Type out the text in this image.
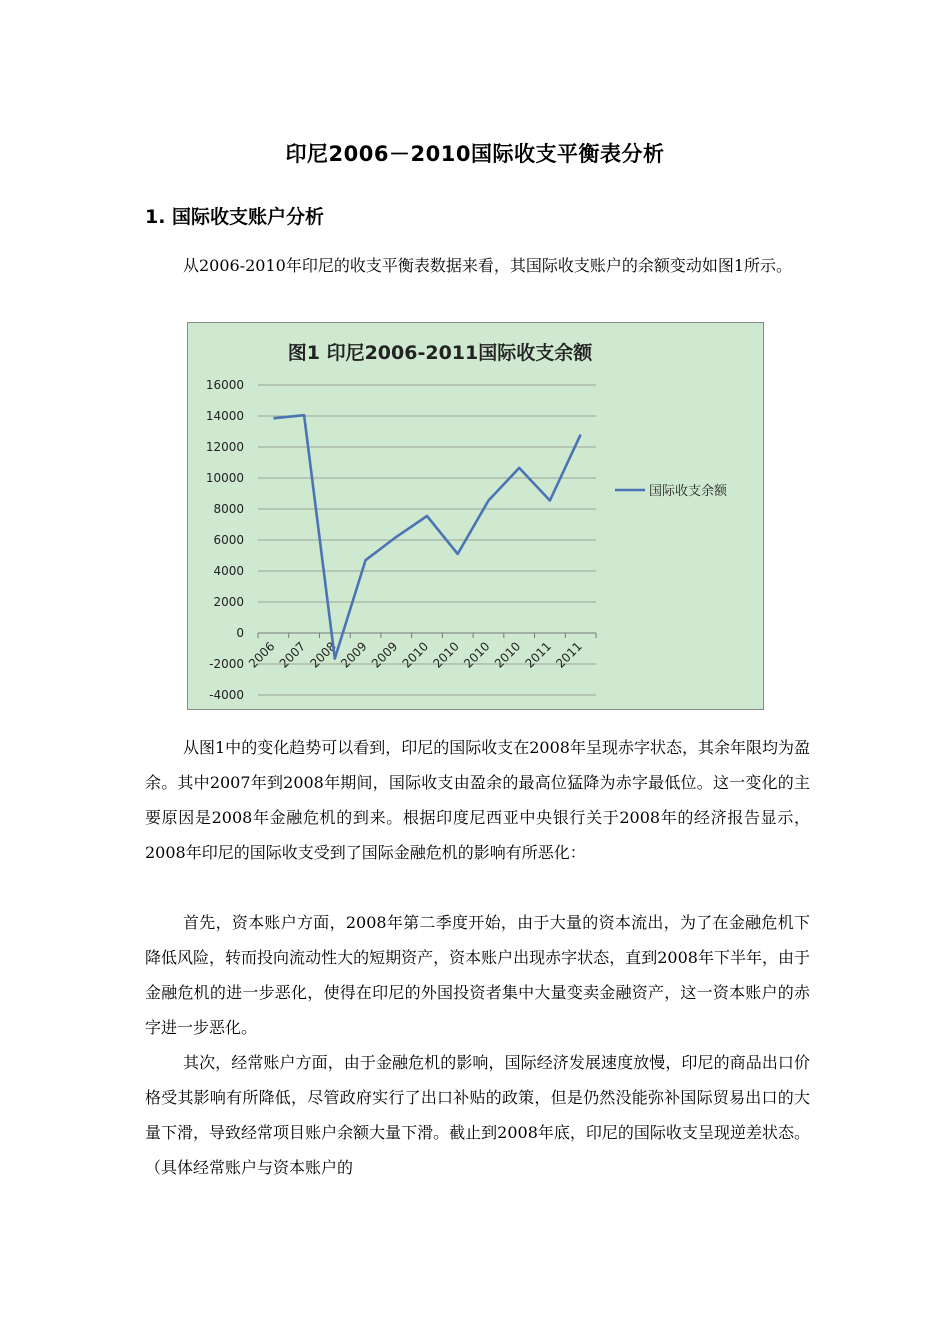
印尼2006－2010国际收支平衡表分析
1. 国际收支账户分析

从2006-2010年印尼的收支平衡表数据来看，其国际收支账户的余额变动如图1所示。

图1 印尼2006-2011国际收支余额
16000
14000
12000
10000
8000
6000
4000
2000
0
-2000
-4000
2006 2007 2008 2009 2009 2010 2010 2010 2010 2011 2011
国际收支余额

从图1中的变化趋势可以看到，印尼的国际收支在2008年呈现赤字状态，其余年限均为盈余。其中2007年到2008年期间，国际收支由盈余的最高位猛降为赤字最低位。这一变化的主要原因是2008年金融危机的到来。根据印度尼西亚中央银行关于2008年的经济报告显示，2008年印尼的国际收支受到了国际金融危机的影响有所恶化：

首先，资本账户方面，2008年第二季度开始，由于大量的资本流出，为了在金融危机下降低风险，转而投向流动性大的短期资产，资本账户出现赤字状态，直到2008年下半年，由于金融危机的进一步恶化，使得在印尼的外国投资者集中大量变卖金融资产，这一资本账户的赤字进一步恶化。

其次，经常账户方面，由于金融危机的影响，国际经济发展速度放慢，印尼的商品出口价格受其影响有所降低，尽管政府实行了出口补贴的政策，但是仍然没能弥补国际贸易出口的大量下滑，导致经常项目账户余额大量下滑。截止到2008年底，印尼的国际收支呈现逆差状态。（具体经常账户与资本账户的
